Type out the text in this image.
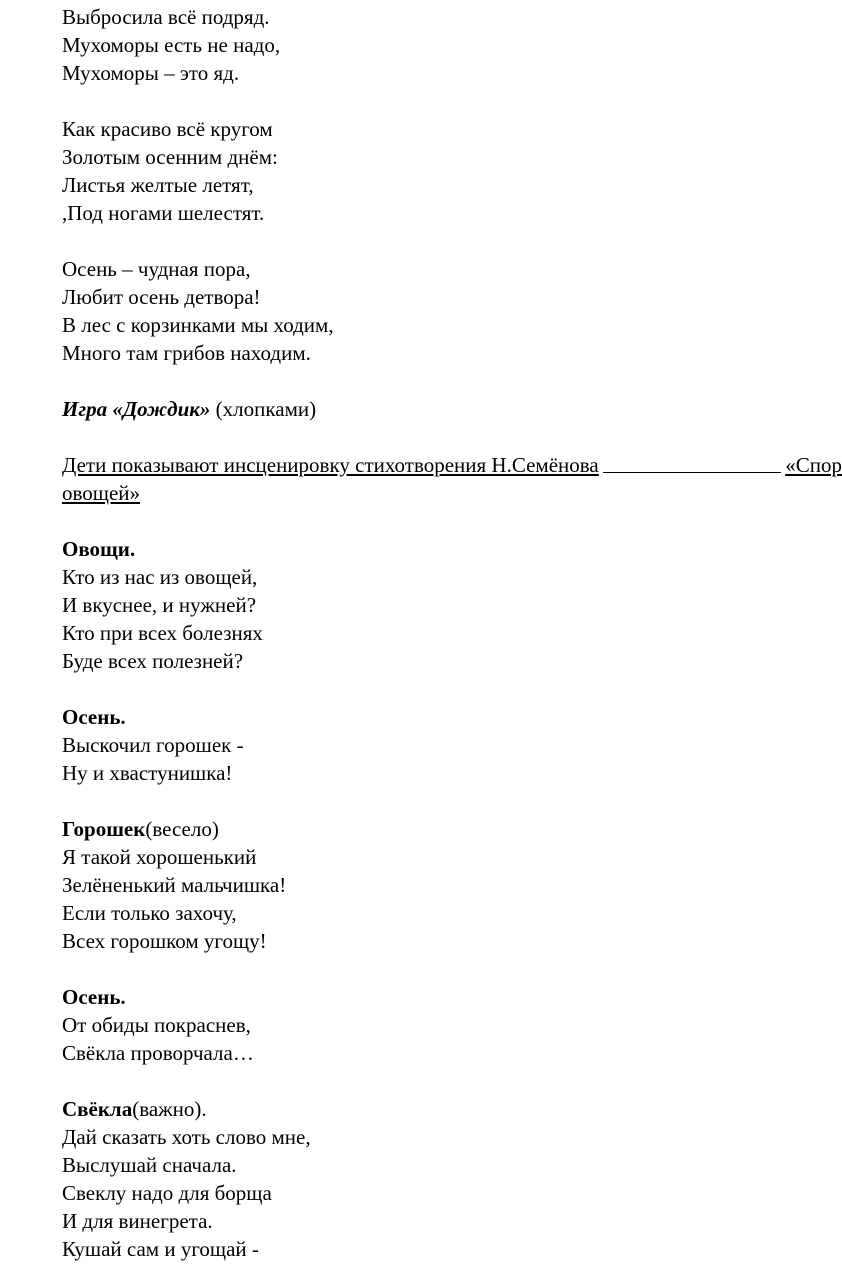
Выбросила всё подряд.
Мухоморы есть не надо,
Мухоморы – это яд.
Как красиво всё кругом
Золотым осенним днём:
Листья желтые летят,
,Под ногами шелестят.
Осень – чудная пора,
Любит осень детвора!
В лес с корзинками мы ходим,
Много там грибов находим.
Игра «Дождик» (хлопками)
Дети показывают инсценировку стихотворения Н.Семёнова	«Спор
овощей»
Овощи.
Кто из нас из овощей,
И вкуснее, и нужней?
Кто при всех болезнях
Буде всех полезней?
Осень.
Выскочил горошек -
Ну и хвастунишка!
Горошек(весело)
Я такой хорошенький
Зелёненький мальчишка!
Если только захочу,
Всех горошком угощу!
Осень.
От обиды покраснев,
Свёкла проворчала…
Свёкла(важно).
Дай сказать хоть слово мне,
Выслушай сначала.
Свеклу надо для борща
И для винегрета.
Кушай сам и угощай -
